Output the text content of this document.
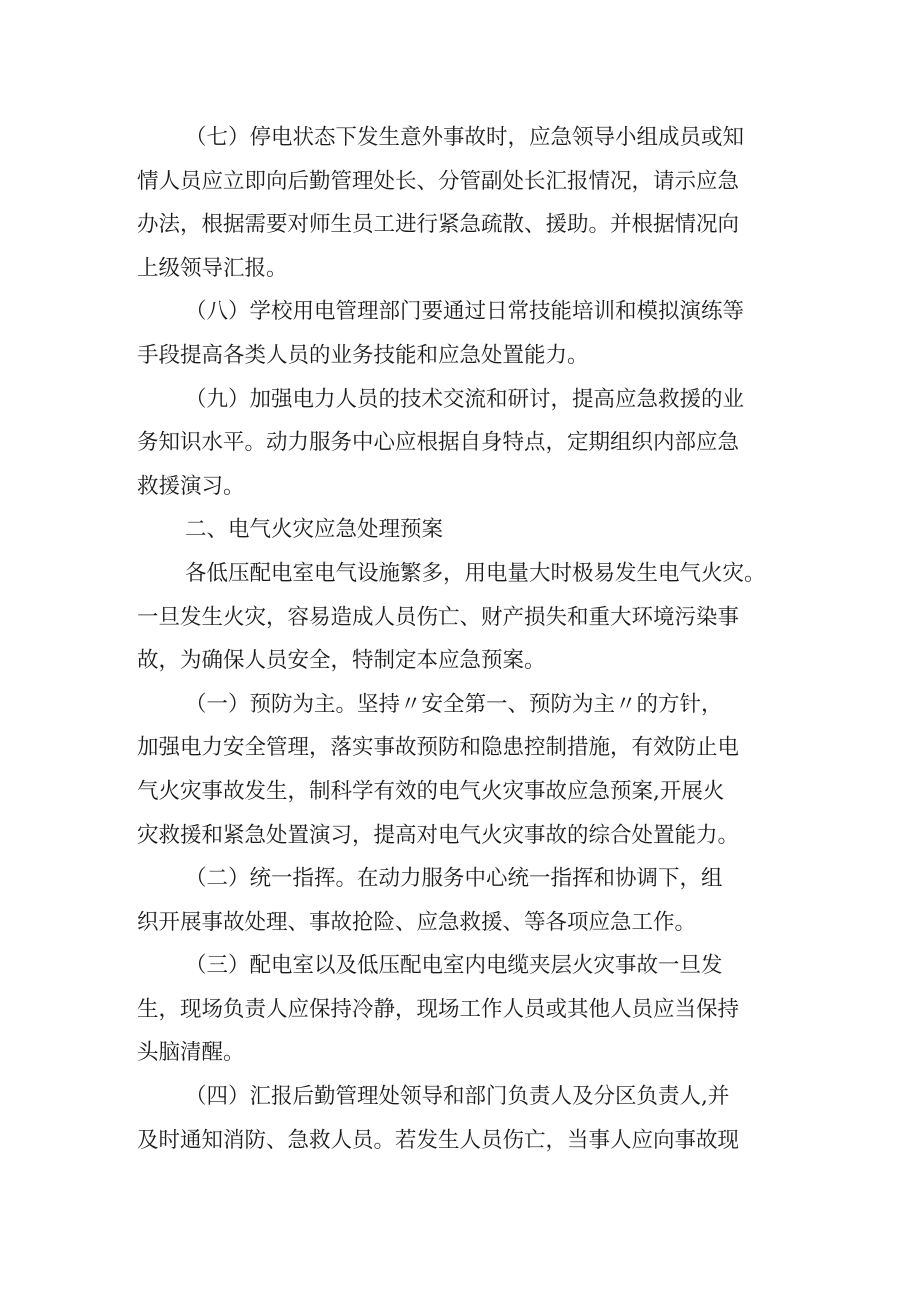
（七）停电状态下发生意外事故时，应急领导小组成员或知
情人员应立即向后勤管理处长、分管副处长汇报情况，请示应急
办法，根据需要对师生员工进行紧急疏散、援助。并根据情况向
上级领导汇报。
（八）学校用电管理部门要通过日常技能培训和模拟演练等
手段提高各类人员的业务技能和应急处置能力。
（九）加强电力人员的技术交流和研讨，提高应急救援的业
务知识水平。动力服务中心应根据自身特点，定期组织内部应急
救援演习。
二、电气火灾应急处理预案
各低压配电室电气设施繁多，用电量大时极易发生电气火灾。
一旦发生火灾，容易造成人员伤亡、财产损失和重大环境污染事
故，为确保人员安全，特制定本应急预案。
（一）预防为主。坚持〃安全第一、预防为主〃的方针，
加强电力安全管理，落实事故预防和隐患控制措施，有效防止电
气火灾事故发生，制科学有效的电气火灾事故应急预案,开展火
灾救援和紧急处置演习，提高对电气火灾事故的综合处置能力。
（二）统一指挥。在动力服务中心统一指挥和协调下，组
织开展事故处理、事故抢险、应急救援、等各项应急工作。
（三）配电室以及低压配电室内电缆夹层火灾事故一旦发
生，现场负责人应保持冷静，现场工作人员或其他人员应当保持
头脑清醒。
（四）汇报后勤管理处领导和部门负责人及分区负责人,并
及时通知消防、急救人员。若发生人员伤亡，当事人应向事故现
